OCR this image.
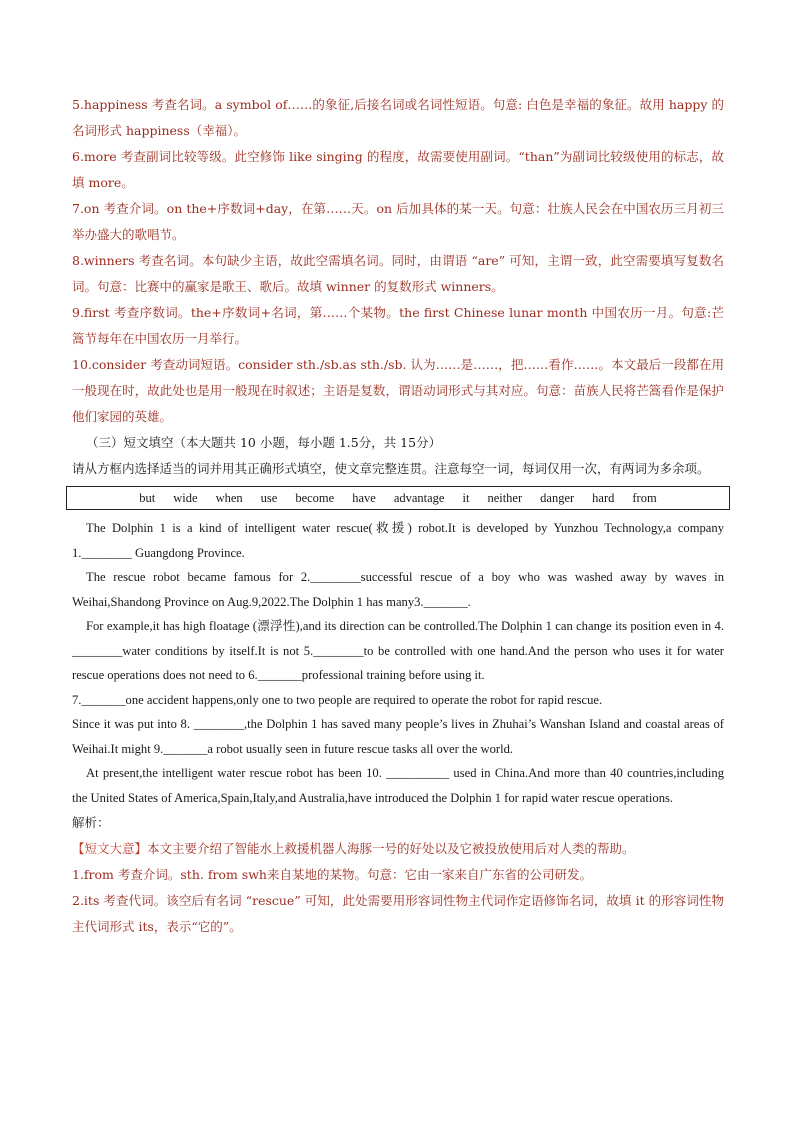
5.happiness 考查名词。a symbol of……的象征,后接名词或名词性短语。句意: 白色是幸福的象征。故用 happy 的名词形式 happiness（幸福）。

6.more 考查副词比较等级。此空修饰 like singing 的程度，故需要使用副词。“than”为副词比较级使用的标志，故填 more。

7.on 考查介词。on the+序数词+day，在第……天。on 后加具体的某一天。句意：壮族人民会在中国农历三月初三举办盛大的歌唱节。

8.winners 考查名词。本句缺少主语，故此空需填名词。同时，由谓语 “are” 可知，主谓一致，此空需要填写复数名词。句意：比赛中的赢家是歌王、歌后。故填 winner 的复数形式 winners。

9.first 考查序数词。the+序数词+名词，第……个某物。the first Chinese lunar month 中国农历一月。句意:芒篙节每年在中国农历一月举行。

10.consider 考查动词短语。consider sth./sb.as sth./sb. 认为……是……，把……看作……。本文最后一段都在用一般现在时，故此处也是用一般现在时叙述；主语是复数，谓语动词形式与其对应。句意：苗族人民将芒篙看作是保护他们家园的英雄。

（三）短文填空（本大题共 10 小题，每小题 1.5分，共 15分）

请从方框内选择适当的词并用其正确形式填空，使文章完整连贯。注意每空一词，每词仅用一次，有两词为多余项。

but	wide	when	use	become	have	advantage	it	neither	danger	hard	from

The Dolphin 1 is a kind of intelligent water rescue(救援) robot.It is developed by Yunzhou Technology,a company 1.________ Guangdong Province.

The rescue robot became famous for 2.________successful rescue of a boy who was washed away by waves in Weihai,Shandong Province on Aug.9,2022.The Dolphin 1 has many3._______.

For example,it has high floatage (漂浮性),and its direction can be controlled.The Dolphin 1 can change its position even in 4. ________water conditions by itself.It is not 5.________to be controlled with one hand.And the person who uses it for water rescue operations does not need to 6._______professional training before using it.

7._______one accident happens,only one to two people are required to operate the robot for rapid rescue.

Since it was put into 8. ________,the Dolphin 1 has saved many people’s lives in Zhuhai’s Wanshan Island and coastal areas of Weihai.It might 9._______a robot usually seen in future rescue tasks all over the world.

At present,the intelligent water rescue robot has been 10. __________ used in China.And more than 40 countries,including the United States of America,Spain,Italy,and Australia,have introduced the Dolphin 1 for rapid water rescue operations.

解析：

【短文大意】本文主要介绍了智能水上救援机器人海豚一号的好处以及它被投放使用后对人类的帮助。

1.from 考查介词。sth. from swh来自某地的某物。句意：它由一家来自广东省的公司研发。

2.its 考查代词。该空后有名词 “rescue” 可知，此处需要用形容词性物主代词作定语修饰名词，故填 it 的形容词性物主代词形式 its，表示“它的”。
